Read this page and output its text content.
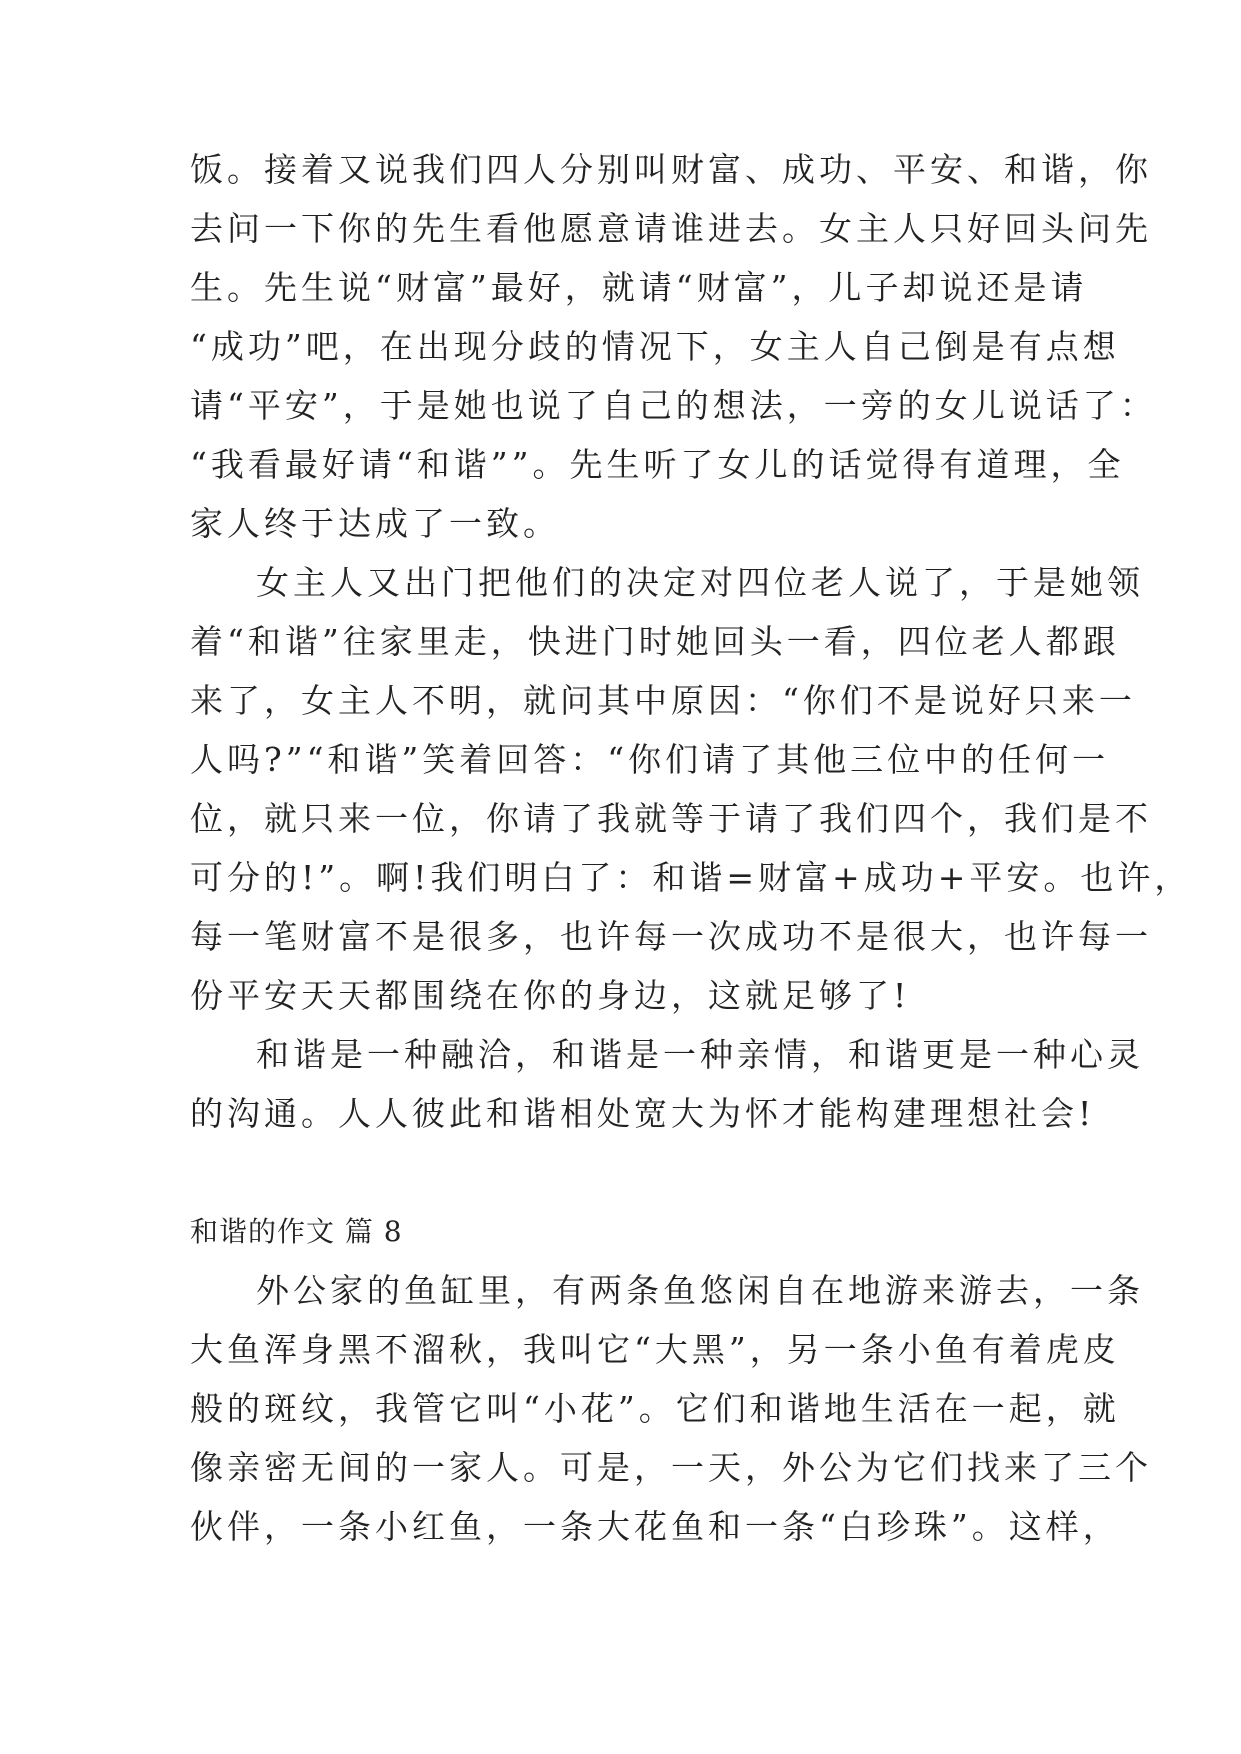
饭。接着又说我们四人分别叫财富、成功、平安、和谐，你
去问一下你的先生看他愿意请谁进去。女主人只好回头问先
生。先生说“财富”最好，就请“财富”，儿子却说还是请
“成功”吧，在出现分歧的情况下，女主人自己倒是有点想
请“平安”，于是她也说了自己的想法，一旁的女儿说话了：
“我看最好请“和谐””。先生听了女儿的话觉得有道理，全
家人终于达成了一致。
女主人又出门把他们的决定对四位老人说了，于是她领
着“和谐”往家里走，快进门时她回头一看，四位老人都跟
来了，女主人不明，就问其中原因：“你们不是说好只来一
人吗?”“和谐”笑着回答：“你们请了其他三位中的任何一
位，就只来一位，你请了我就等于请了我们四个，我们是不
可分的!”。啊!我们明白了：和谐=财富+成功+平安。也许，
每一笔财富不是很多，也许每一次成功不是很大，也许每一
份平安天天都围绕在你的身边，这就足够了!
和谐是一种融洽，和谐是一种亲情，和谐更是一种心灵
的沟通。人人彼此和谐相处宽大为怀才能构建理想社会!
和谐的作文 篇 8
外公家的鱼缸里，有两条鱼悠闲自在地游来游去，一条
大鱼浑身黑不溜秋，我叫它“大黑”，另一条小鱼有着虎皮
般的斑纹，我管它叫“小花”。它们和谐地生活在一起，就
像亲密无间的一家人。可是，一天，外公为它们找来了三个
伙伴，一条小红鱼，一条大花鱼和一条“白珍珠”。这样，
